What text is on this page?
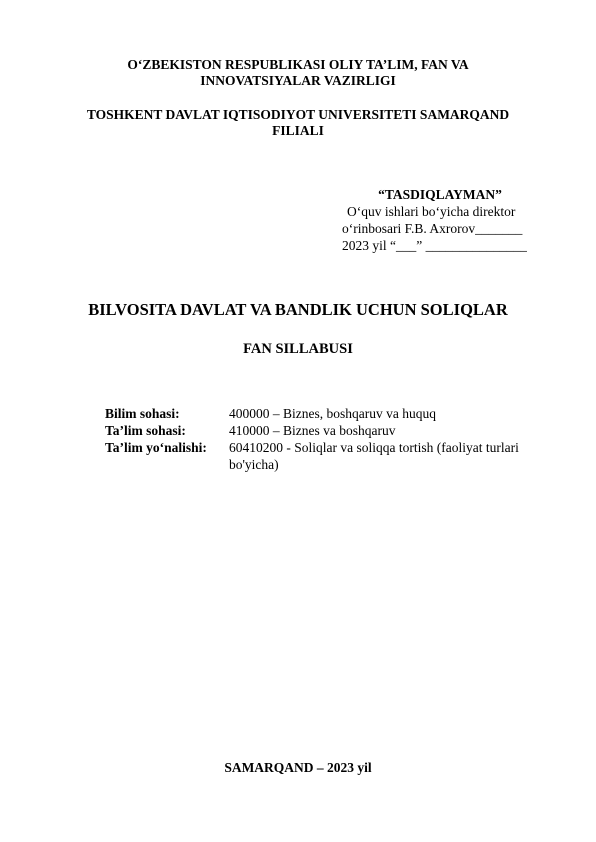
O‘ZBEKISTON RESPUBLIKASI OLIY TA’LIM, FAN VA
INNOVATSIYALAR VAZIRLIGI
TOSHKENT DAVLAT IQTISODIYOT UNIVERSITETI SAMARQAND
FILIALI
“TASDIQLAYMAN”
O‘quv ishlari bo‘yicha direktor
o‘rinbosari F.B. Axrorov_______
2023 yil “___” _______________
BILVOSITA DAVLAT VA BANDLIK UCHUN SOLIQLAR
FAN SILLABUSI
Bilim sohasi:	400000 – Biznes, boshqaruv va huquq
Ta’lim sohasi:	410000 – Biznes va boshqaruv
Ta’lim yo‘nalishi:	60410200 - Soliqlar va soliqqa tortish (faoliyat turlari bo'yicha)
SAMARQAND – 2023 yil
